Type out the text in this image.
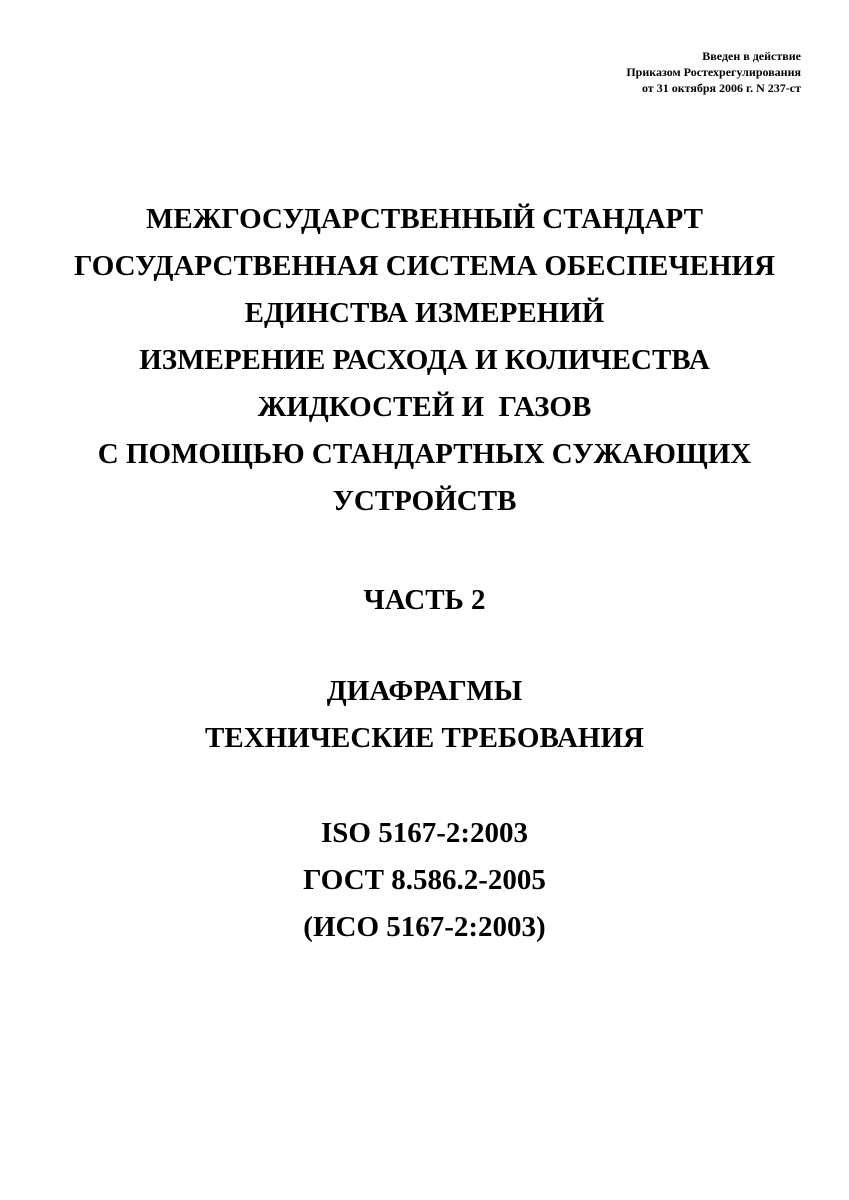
Введен в действие
Приказом Ростехрегулирования
от 31 октября 2006 г. N 237-ст
МЕЖГОСУДАРСТВЕННЫЙ СТАНДАРТ
ГОСУДАРСТВЕННАЯ СИСТЕМА ОБЕСПЕЧЕНИЯ
ЕДИНСТВА ИЗМЕРЕНИЙ
ИЗМЕРЕНИЕ РАСХОДА И КОЛИЧЕСТВА
ЖИДКОСТЕЙ И  ГАЗОВ
С ПОМОЩЬЮ СТАНДАРТНЫХ СУЖАЮЩИХ
УСТРОЙСТВ
ЧАСТЬ 2
ДИАФРАГМЫ
ТЕХНИЧЕСКИЕ ТРЕБОВАНИЯ
ISO 5167-2:2003
ГОСТ 8.586.2-2005
(ИСО 5167-2:2003)
